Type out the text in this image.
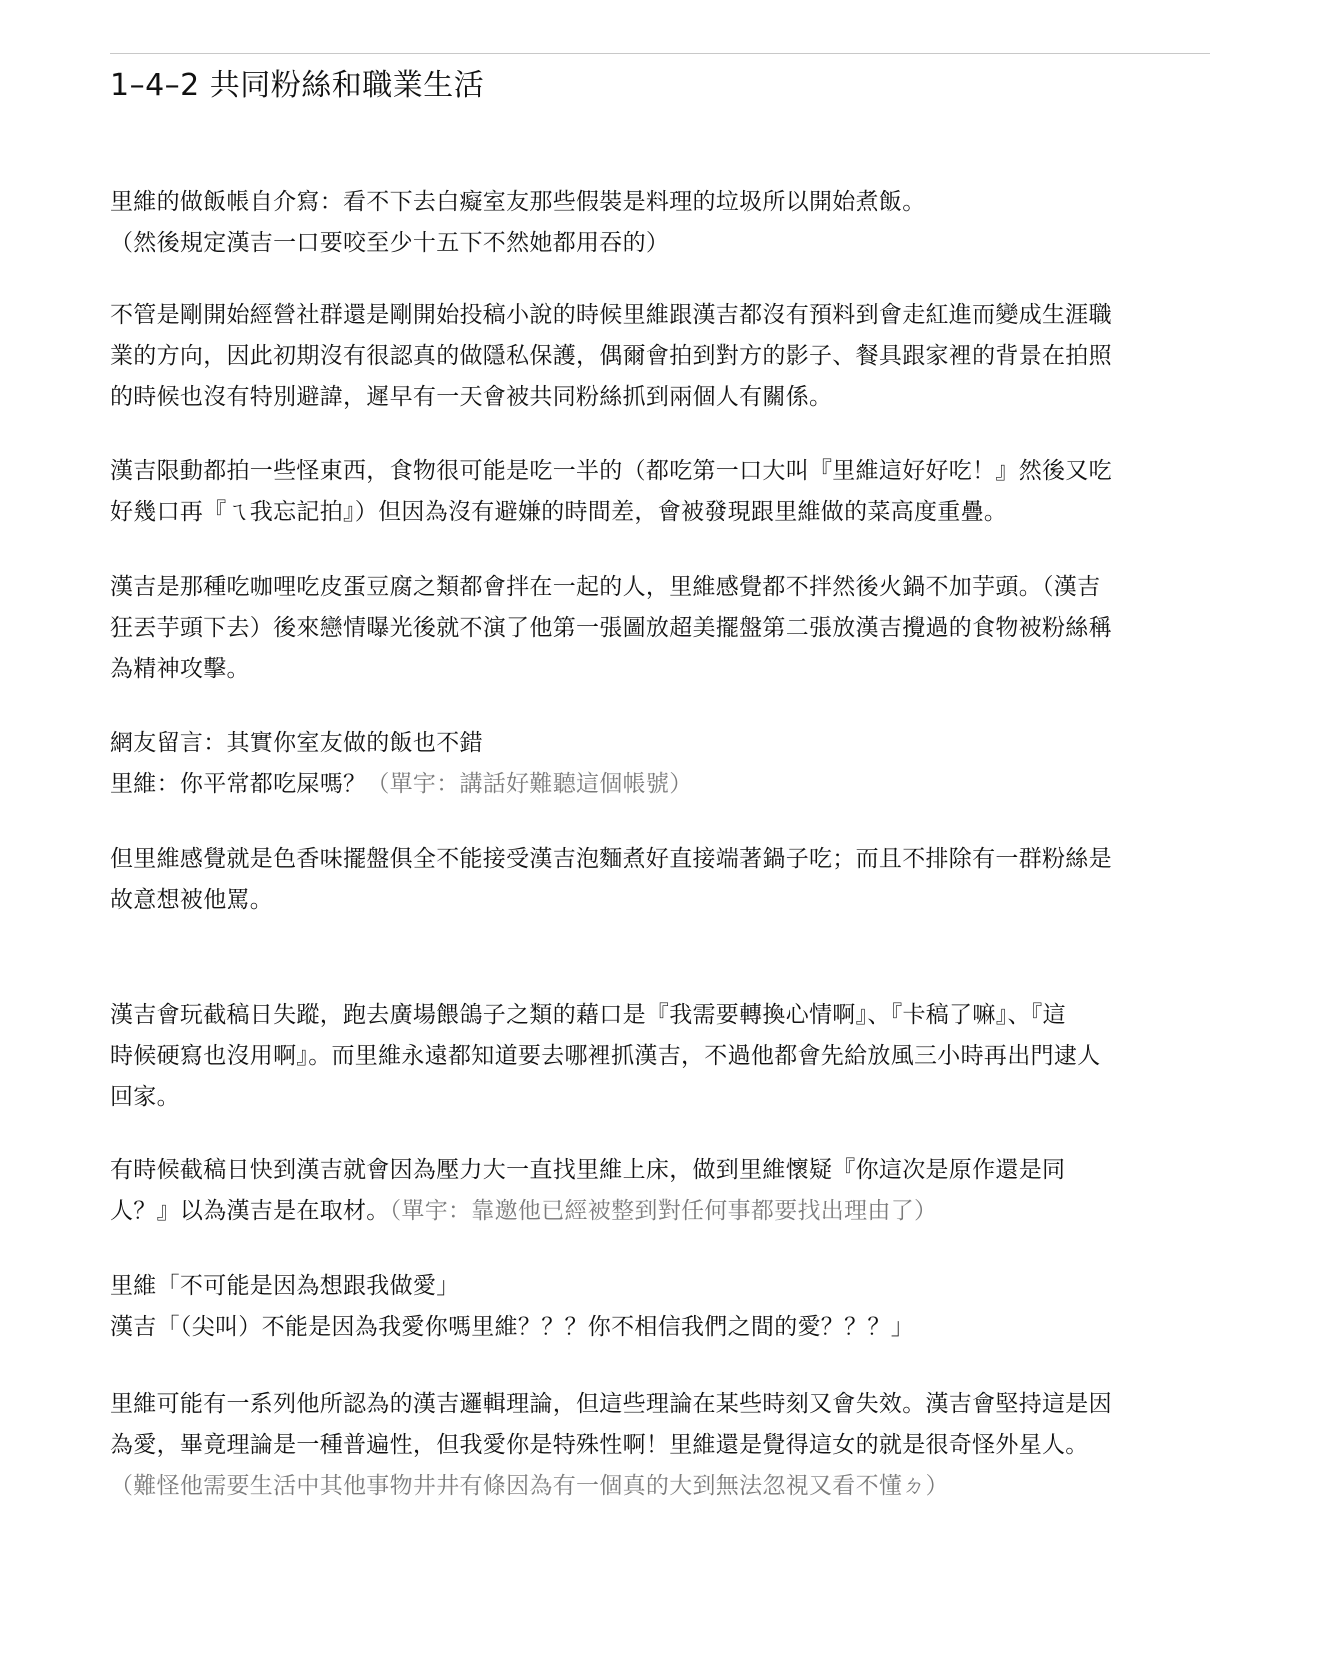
1–4–2 共同粉絲和職業生活

里維的做飯帳自介寫：看不下去白癡室友那些假裝是料理的垃圾所以開始煮飯。
（然後規定漢吉一口要咬至少十五下不然她都用吞的）

不管是剛開始經營社群還是剛開始投稿小說的時候里維跟漢吉都沒有預料到會走紅進而變成生涯職
業的方向，因此初期沒有很認真的做隱私保護，偶爾會拍到對方的影子、餐具跟家裡的背景在拍照
的時候也沒有特別避諱，遲早有一天會被共同粉絲抓到兩個人有關係。

漢吉限動都拍一些怪東西，食物很可能是吃一半的（都吃第一口大叫『里維這好好吃！』然後又吃
好幾口再『ㄟ我忘記拍』）但因為沒有避嫌的時間差，會被發現跟里維做的菜高度重疊。

漢吉是那種吃咖哩吃皮蛋豆腐之類都會拌在一起的人，里維感覺都不拌然後火鍋不加芋頭。（漢吉
狂丟芋頭下去）後來戀情曝光後就不演了他第一張圖放超美擺盤第二張放漢吉攪過的食物被粉絲稱
為精神攻擊。

網友留言：其實你室友做的飯也不錯
里維：你平常都吃屎嗎？（單宇：講話好難聽這個帳號）

但里維感覺就是色香味擺盤俱全不能接受漢吉泡麵煮好直接端著鍋子吃；而且不排除有一群粉絲是
故意想被他罵。

漢吉會玩截稿日失蹤，跑去廣場餵鴿子之類的藉口是『我需要轉換心情啊』、『卡稿了嘛』、『這
時候硬寫也沒用啊』。而里維永遠都知道要去哪裡抓漢吉，不過他都會先給放風三小時再出門逮人
回家。

有時候截稿日快到漢吉就會因為壓力大一直找里維上床，做到里維懷疑『你這次是原作還是同
人？』以為漢吉是在取材。（單宇：靠邀他已經被整到對任何事都要找出理由了）

里維「不可能是因為想跟我做愛」
漢吉「（尖叫）不能是因為我愛你嗎里維？？？你不相信我們之間的愛？？？」

里維可能有一系列他所認為的漢吉邏輯理論，但這些理論在某些時刻又會失效。漢吉會堅持這是因
為愛，畢竟理論是一種普遍性，但我愛你是特殊性啊！里維還是覺得這女的就是很奇怪外星人。
（難怪他需要生活中其他事物井井有條因為有一個真的大到無法忽視又看不懂ㄉ）
